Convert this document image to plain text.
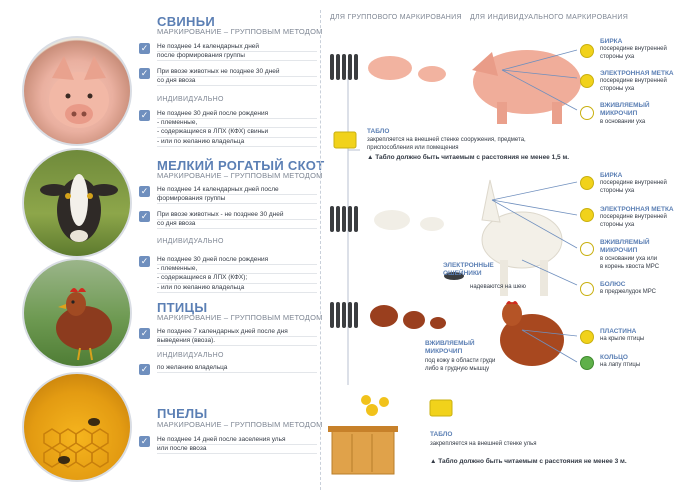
СВИНЬИ
МАРКИРОВАНИЕ – ГРУППОВЫМ МЕТОДОМ
✓ Не позднее 14 календарных дней
после формирования группы
✓ При ввозе животных не позднее 30 дней
со дня ввоза
ИНДИВИДУАЛЬНО
✓ Не позднее 30 дней после рождения
- племенные,
- содержащиеся в ЛПХ (КФХ) свиньи
- или по желанию владельца
МЕЛКИЙ РОГАТЫЙ СКОТ
МАРКИРОВАНИЕ – ГРУППОВЫМ МЕТОДОМ
✓ Не позднее 14 календарных дней после
формирования группы
✓ При ввозе животных - не позднее 30 дней
со дня ввоза
ИНДИВИДУАЛЬНО
✓ Не позднее 30 дней после рождения
- племенные,
- содержащиеся в ЛПХ (КФХ);
- или по желанию владельца
ПТИЦЫ
МАРКИРОВАНИЕ – ГРУППОВЫМ МЕТОДОМ
✓ Не позднее 7 календарных дней после дня
выведения (ввоза).
ИНДИВИДУАЛЬНО
✓ по желанию владельца
ПЧЕЛЫ
МАРКИРОВАНИЕ – ГРУППОВЫМ МЕТОДОМ
✓ Не позднее 14 дней после заселения улья
или после ввоза
ДЛЯ ГРУППОВОГО МАРКИРОВАНИЯ ДЛЯ ИНДИВИДУАЛЬНОГО МАРКИРОВАНИЯ
ТАБЛО
закрепляется на внешней стенке сооружения, предмета,
приспособления или помещения
▲ Табло должно быть читаемым с расстояния не менее 1,5 м.
ЭЛЕКТРОННЫЕ
ОШЕЙНИКИ
надеваются на шею
ВЖИВЛЯЕМЫЙ
МИКРОЧИП
под кожу в области груди
либо в грудную мышцу
ТАБЛО
закрепляется на внешней стенке улья
▲ Табло должно быть читаемым с расстояния не менее 3 м.
БИРКА
посередине внутренней
стороны уха
ЭЛЕКТРОННАЯ МЕТКА
посередине внутренней
стороны уха
ВЖИВЛЯЕМЫЙ
МИКРОЧИП
в основании уха
БИРКА
посередине внутренней
стороны уха
ЭЛЕКТРОННАЯ МЕТКА
посередине внутренней
стороны уха
ВЖИВЛЯЕМЫЙ
МИКРОЧИП
в основании уха или
в корень хвоста МРС
БОЛЮС
в преджелудок МРС
ПЛАСТИНА
на крыле птицы
КОЛЬЦО
на лапу птицы
